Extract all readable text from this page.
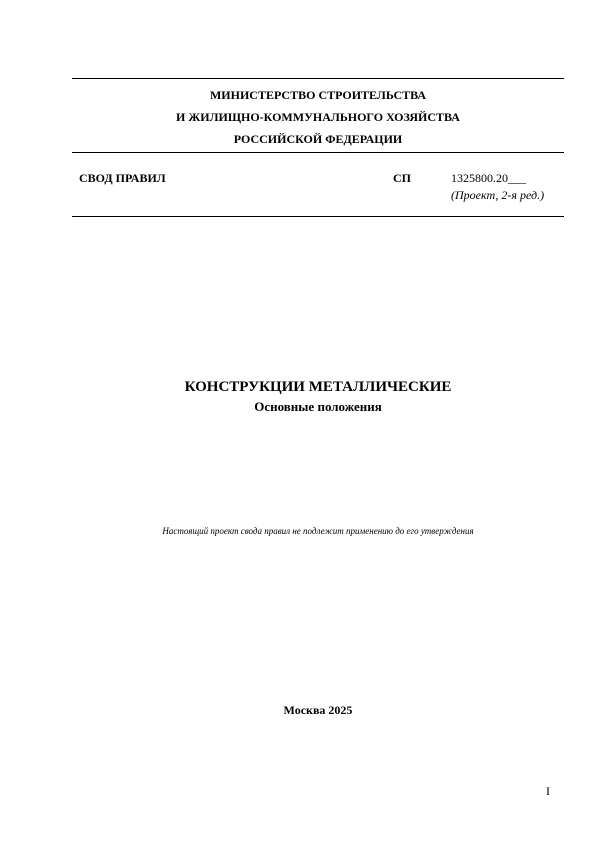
МИНИСТЕРСТВО СТРОИТЕЛЬСТВА
И ЖИЛИЩНО-КОММУНАЛЬНОГО ХОЗЯЙСТВА
РОССИЙСКОЙ ФЕДЕРАЦИИ
СВОД ПРАВИЛ	СП	1325800.20___
(Проект, 2-я ред.)
КОНСТРУКЦИИ МЕТАЛЛИЧЕСКИЕ
Основные положения
Настоящий проект свода правил не подлежит применению до его утверждения
Москва 2025
I
